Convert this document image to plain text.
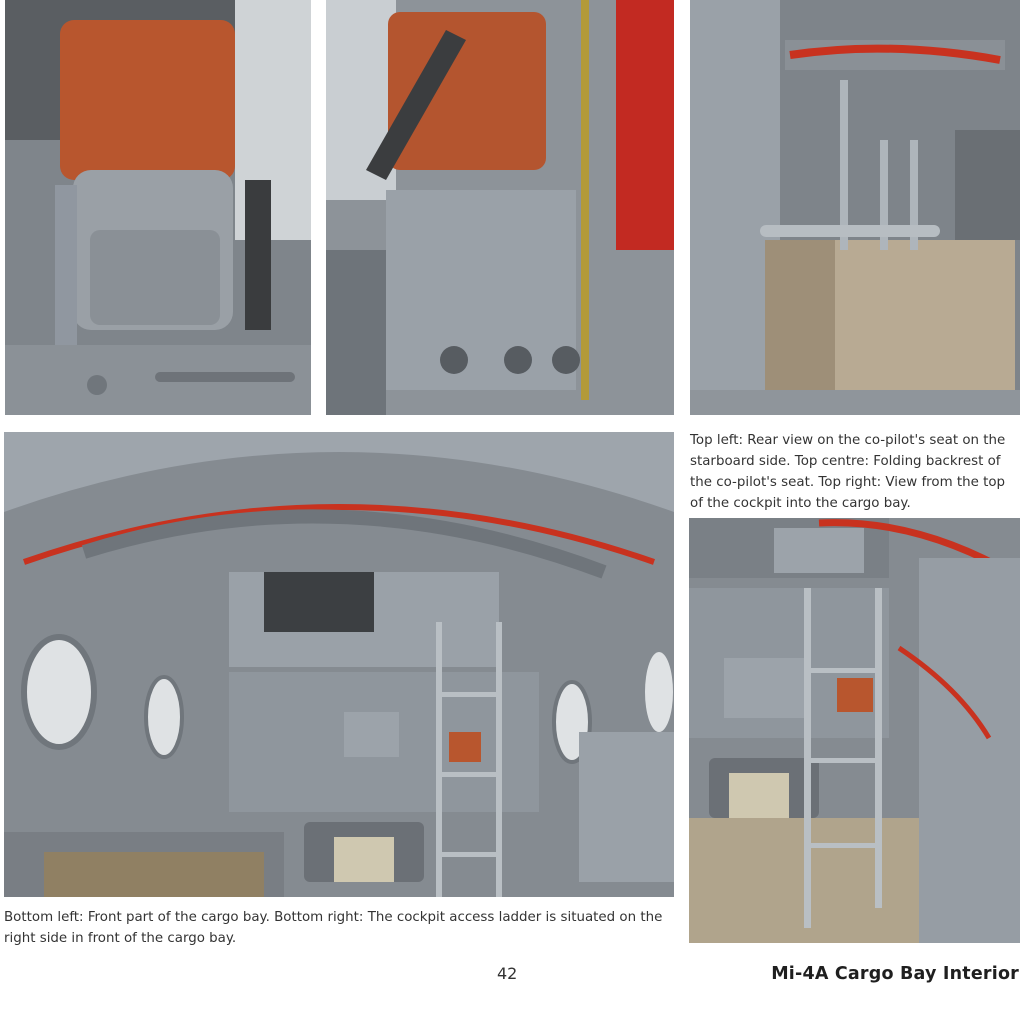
Top left: Rear view on the co-pilot's seat on the starboard side. Top centre: Folding backrest of the co-pilot's seat. Top right: View from the top of the cockpit into the cargo bay.
Bottom left: Front part of the cargo bay. Bottom right: The cockpit access ladder is situated on the right side in front of the cargo bay.
42	Mi-4A Cargo Bay Interior
